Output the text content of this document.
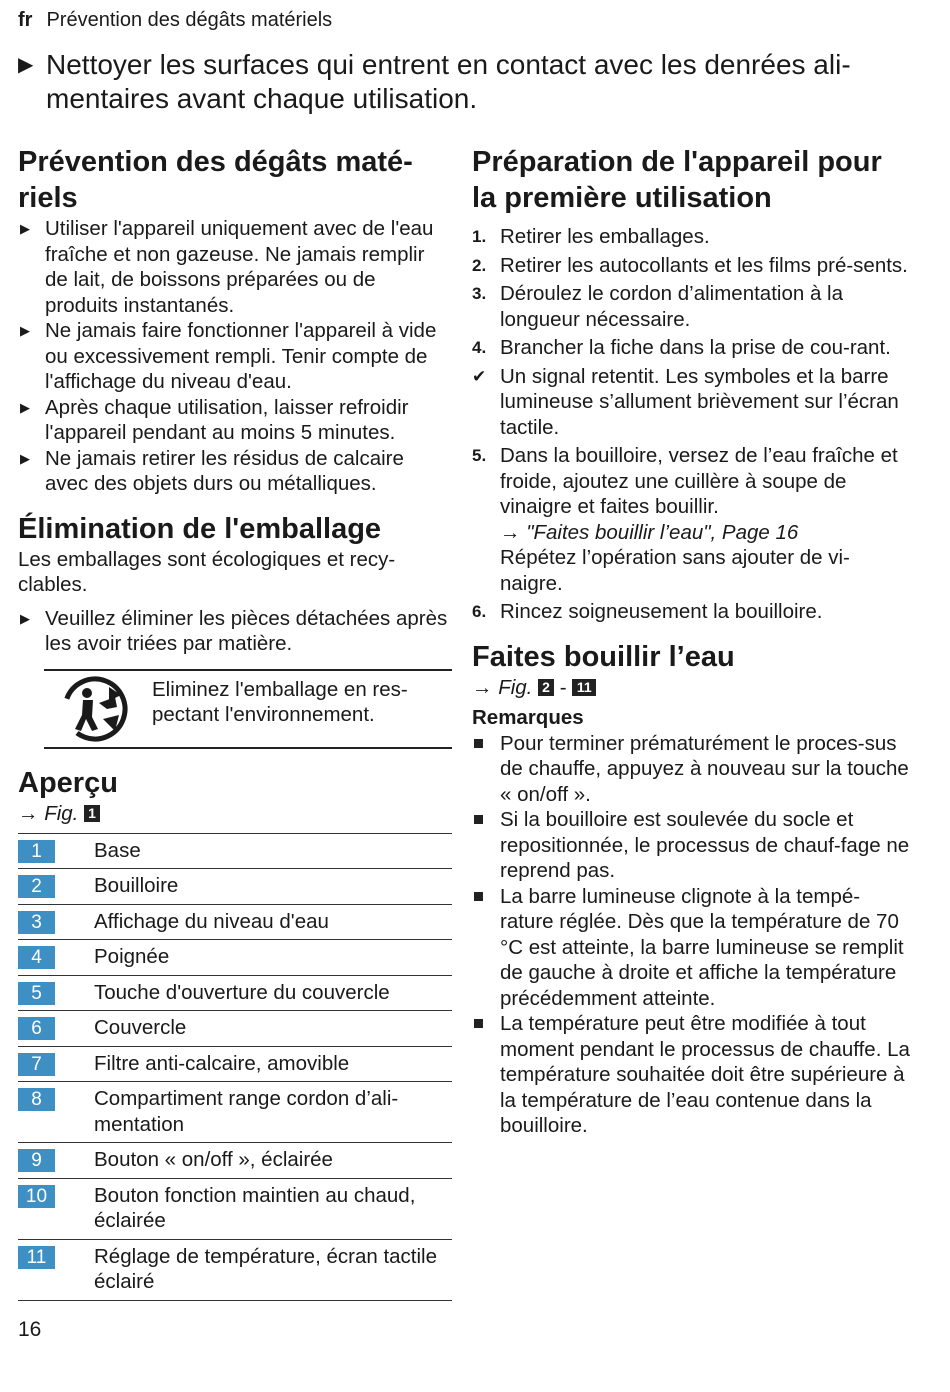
fr Prévention des dégâts matériels
▶ Nettoyer les surfaces qui entrent en contact avec les denrées ali-mentaires avant chaque utilisation.
Prévention des dégâts maté-riels
▶ Utiliser l'appareil uniquement avec de l'eau fraîche et non gazeuse. Ne jamais remplir de lait, de boissons préparées ou de produits instantanés.
▶ Ne jamais faire fonctionner l'appareil à vide ou excessivement rempli. Tenir compte de l'affichage du niveau d'eau.
▶ Après chaque utilisation, laisser refroidir l'appareil pendant au moins 5 minutes.
▶ Ne jamais retirer les résidus de calcaire avec des objets durs ou métalliques.
Élimination de l'emballage
Les emballages sont écologiques et recy-clables.
▶ Veuillez éliminer les pièces détachées après les avoir triées par matière.
Eliminez l'emballage en res-pectant l'environnement.
Aperçu
→ Fig. 1
1	Base
2	Bouilloire
3	Affichage du niveau d'eau
4	Poignée
5	Touche d'ouverture du couvercle
6	Couvercle
7	Filtre anti-calcaire, amovible
8	Compartiment range cordon d’ali-mentation
9	Bouton « on/off », éclairée
10	Bouton fonction maintien au chaud, éclairée
11	Réglage de température, écran tactile éclairé
Préparation de l'appareil pour la première utilisation
1. Retirer les emballages.
2. Retirer les autocollants et les films pré-sents.
3. Déroulez le cordon d’alimentation à la longueur nécessaire.
4. Brancher la fiche dans la prise de cou-rant.
✔ Un signal retentit. Les symboles et la barre lumineuse s’allument brièvement sur l’écran tactile.
5. Dans la bouilloire, versez de l’eau fraîche et froide, ajoutez une cuillère à soupe de vinaigre et faites bouillir.
→ "Faites bouillir l’eau", Page 16
Répétez l’opération sans ajouter de vi-naigre.
6. Rincez soigneusement la bouilloire.
Faites bouillir l’eau
→ Fig. 2 - 11
Remarques
Pour terminer prématurément le proces-sus de chauffe, appuyez à nouveau sur la touche « on/off ».
Si la bouilloire est soulevée du socle et repositionnée, le processus de chauf-fage ne reprend pas.
La barre lumineuse clignote à la tempé-rature réglée. Dès que la température de 70 °C est atteinte, la barre lumineuse se remplit de gauche à droite et affiche la température précédemment atteinte.
La température peut être modifiée à tout moment pendant le processus de chauffe. La température souhaitée doit être supérieure à la température de l’eau contenue dans la bouilloire.
16
